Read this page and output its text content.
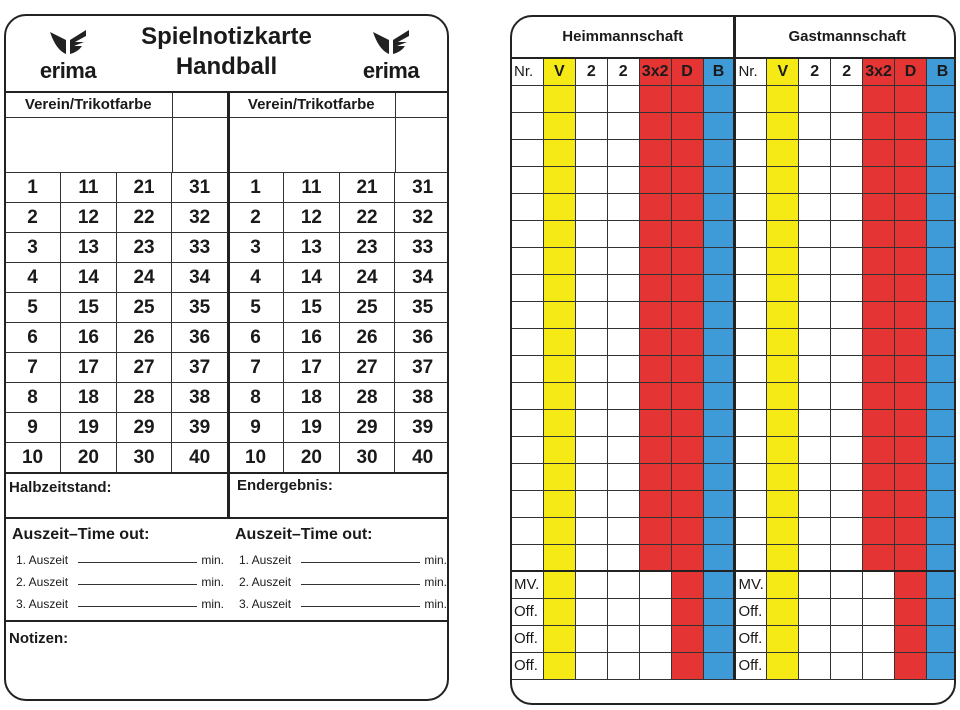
erima
Spielnotizkarte
Handball	erima
Verein/Trikotfarbe	

1	11	21	31
2	12	22	32
3	13	23	33
4	14	24	34
5	15	25	35
6	16	26	36
7	17	27	37
8	18	28	38
9	19	29	39
10	20	30	40
Verein/Trikotfarbe	

1	11	21	31
2	12	22	32
3	13	23	33
4	14	24	34
5	15	25	35
6	16	26	36
7	17	27	37
8	18	28	38
9	19	29	39
10	20	30	40
Halbzeitstand:	Endergebnis:
Auszeit–Time out:
1. Auszeit	min.
2. Auszeit	min.
3. Auszeit	min.
Auszeit–Time out:
1. Auszeit	min.
2. Auszeit	min.
3. Auszeit	min.
Notizen:
Heimmannschaft							Gastmannschaft						
Nr.	V	2	2	3x2	D	B	Nr.	V	2	2	3x2	D	B

MV.							MV.						
Off.							Off.						
Off.							Off.						
Off.							Off.						
